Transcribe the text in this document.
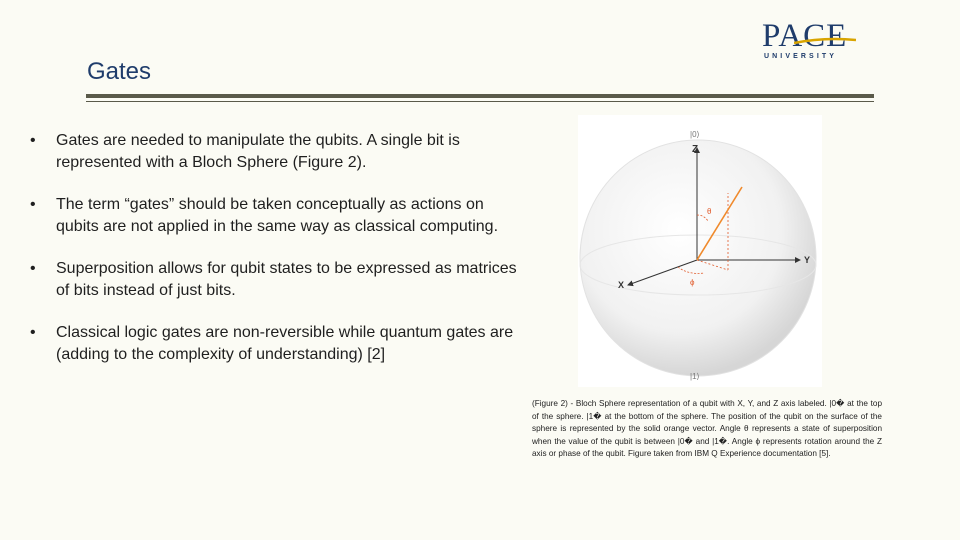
Gates
PACE
UNIVERSITY
• Gates are needed to manipulate the qubits. A single bit is represented with a Bloch Sphere (Figure 2).
• The term “gates” should be taken conceptually as actions on qubits are not applied in the same way as classical computing.
• Superposition allows for qubit states to be expressed as matrices of bits instead of just bits.
• Classical logic gates are non-reversible while quantum gates are (adding to the complexity of understanding) [2]
|0⟩
Z
Y
X
θ
ϕ
|1⟩
(Figure 2) - Bloch Sphere representation of a qubit with X, Y, and Z axis labeled. |0� at the top of the sphere. |1� at the bottom of the sphere. The position of the qubit on the surface of the sphere is represented by the solid orange vector. Angle θ represents a state of superposition when the value of the qubit is between |0� and |1�. Angle ϕ represents rotation around the Z axis or phase of the qubit. Figure taken from IBM Q Experience documentation [5].
